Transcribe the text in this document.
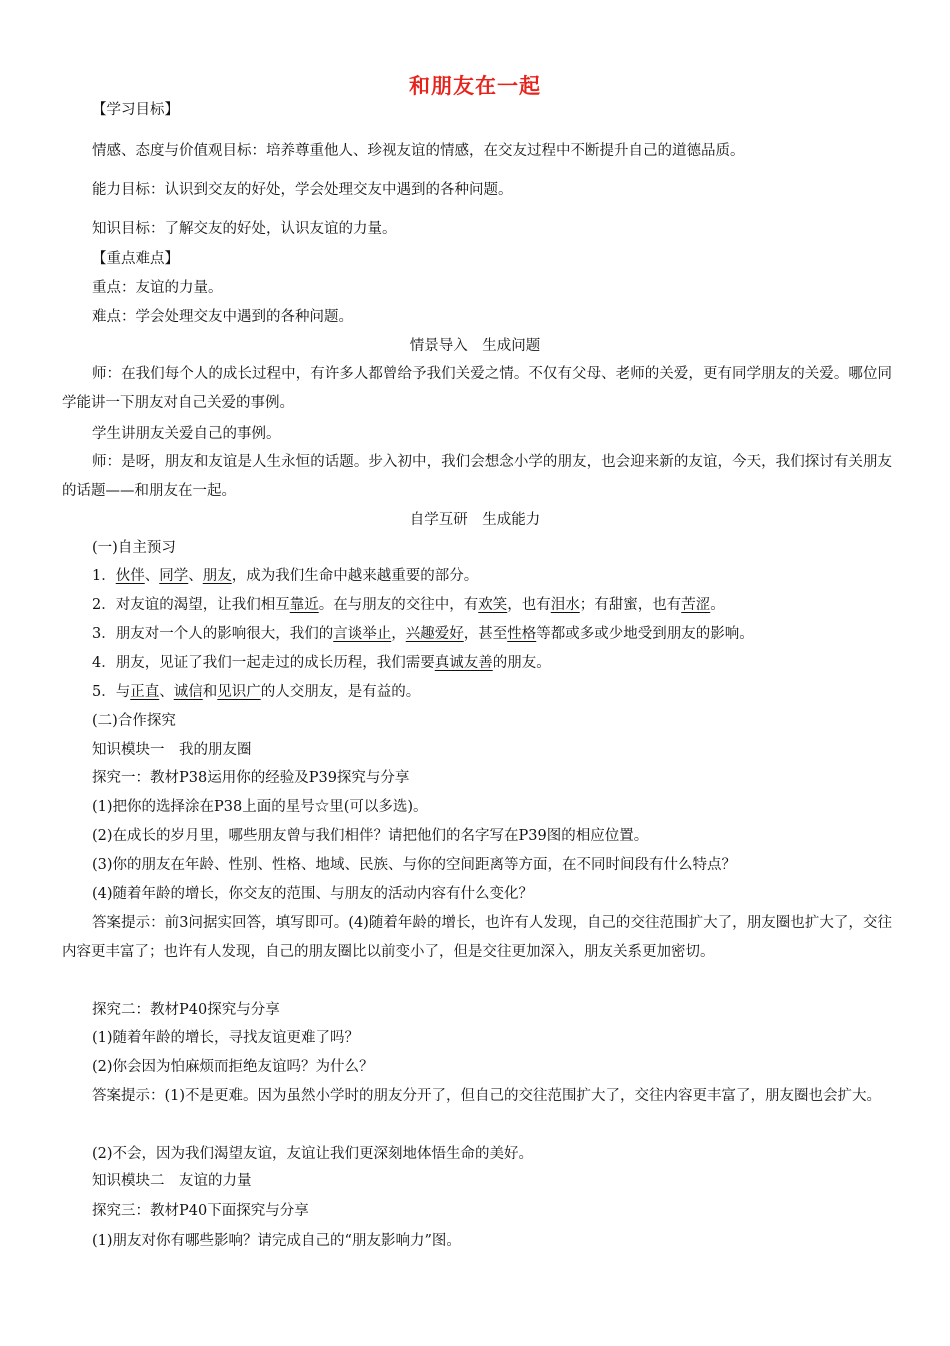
和朋友在一起
【学习目标】
情感、态度与价值观目标：培养尊重他人、珍视友谊的情感，在交友过程中不断提升自己的道德品质。
能力目标：认识到交友的好处，学会处理交友中遇到的各种问题。
知识目标：了解交友的好处，认识友谊的力量。
【重点难点】
重点：友谊的力量。
难点：学会处理交友中遇到的各种问题。
情景导入　生成问题
师：在我们每个人的成长过程中，有许多人都曾给予我们关爱之情。不仅有父母、老师的关爱，更有同学朋友的关爱。哪位同学能讲一下朋友对自己关爱的事例。
学生讲朋友关爱自己的事例。
师：是呀，朋友和友谊是人生永恒的话题。步入初中，我们会想念小学的朋友，也会迎来新的友谊，今天，我们探讨有关朋友的话题——和朋友在一起。
自学互研　生成能力
(一)自主预习
1．伙伴、同学、朋友，成为我们生命中越来越重要的部分。
2．对友谊的渴望，让我们相互靠近。在与朋友的交往中，有欢笑，也有泪水；有甜蜜，也有苦涩。
3．朋友对一个人的影响很大，我们的言谈举止，兴趣爱好，甚至性格等都或多或少地受到朋友的影响。
4．朋友，见证了我们一起走过的成长历程，我们需要真诚友善的朋友。
5．与正直、诚信和见识广的人交朋友，是有益的。
(二)合作探究
知识模块一　我的朋友圈
探究一：教材P38运用你的经验及P39探究与分享
(1)把你的选择涂在P38上面的星号☆里(可以多选)。
(2)在成长的岁月里，哪些朋友曾与我们相伴？请把他们的名字写在P39图的相应位置。
(3)你的朋友在年龄、性别、性格、地域、民族、与你的空间距离等方面，在不同时间段有什么特点？
(4)随着年龄的增长，你交友的范围、与朋友的活动内容有什么变化？
答案提示：前3问据实回答，填写即可。(4)随着年龄的增长，也许有人发现，自己的交往范围扩大了，朋友圈也扩大了，交往内容更丰富了；也许有人发现，自己的朋友圈比以前变小了，但是交往更加深入，朋友关系更加密切。
探究二：教材P40探究与分享
(1)随着年龄的增长，寻找友谊更难了吗？
(2)你会因为怕麻烦而拒绝友谊吗？为什么？
答案提示：(1)不是更难。因为虽然小学时的朋友分开了，但自己的交往范围扩大了，交往内容更丰富了，朋友圈也会扩大。
(2)不会，因为我们渴望友谊，友谊让我们更深刻地体悟生命的美好。
知识模块二　友谊的力量
探究三：教材P40下面探究与分享
(1)朋友对你有哪些影响？请完成自己的“朋友影响力”图。
